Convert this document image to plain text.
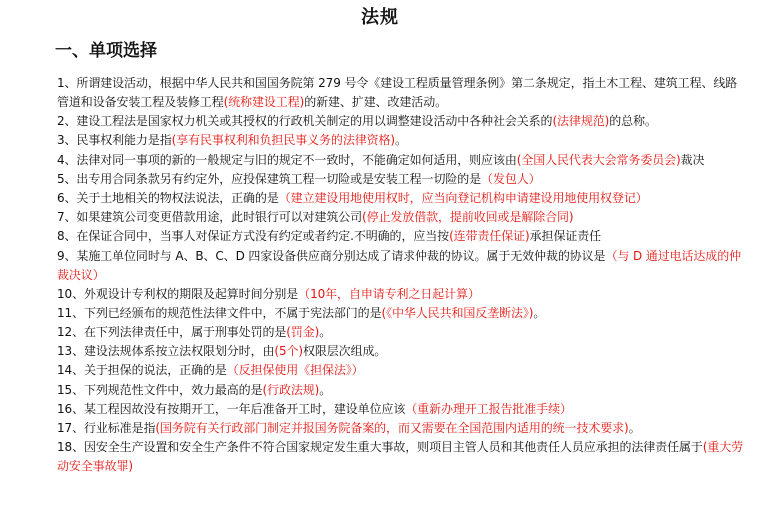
法规
一、单项选择
1、所谓建设活动，根据中华人民共和国国务院第 279 号令《建设工程质量管理条例》第二条规定，指土木工程、建筑工程、线路管道和设备安装工程及装修工程(统称建设工程)的新建、扩建、改建活动。
2、建设工程法是国家权力机关或其授权的行政机关制定的用以调整建设活动中各种社会关系的(法律规范)的总称。
3、民事权利能力是指(享有民事权利和负担民事义务的法律资格)。
4、法律对同一事项的新的一般规定与旧的规定不一致时，不能确定如何适用，则应该由(全国人民代表大会常务委员会)裁决
5、出专用合同条款另有约定外，应投保建筑工程一切险或是安装工程一切险的是（发包人）
6、关于土地相关的物权法说法，正确的是（建立建设用地使用权时，应当向登记机构申请建设用地使用权登记）
7、如果建筑公司变更借款用途，此时银行可以对建筑公司(停止发放借款，提前收回或是解除合同)
8、在保证合同中，当事人对保证方式没有约定或者约定.不明确的，应当按(连带责任保证)承担保证责任
9、某施工单位同时与 A、B、C、D 四家设备供应商分别达成了请求仲裁的协议。属于无效仲裁的协议是（与 D 通过电话达成的仲裁决议）
10、外观设计专利权的期限及起算时间分别是（10年，自申请专利之日起计算）
11、下列已经颁布的规范性法律文件中，不属于宪法部门的是(《中华人民共和国反垄断法》)。
12、在下列法律责任中，属于刑事处罚的是(罚金)。
13、建设法规体系按立法权限划分时，由(5个)权限层次组成。
14、关于担保的说法，正确的是（反担保使用《担保法》）
15、下列规范性文件中，效力最高的是(行政法规)。
16、某工程因故没有按期开工，一年后准备开工时，建设单位应该（重新办理开工报告批准手续）
17、行业标准是指(国务院有关行政部门制定并报国务院备案的，而又需要在全国范围内适用的统一技术要求)。
18、因安全生产设置和安全生产条件不符合国家规定发生重大事故，则项目主管人员和其他责任人员应承担的法律责任属于(重大劳动安全事故罪)
